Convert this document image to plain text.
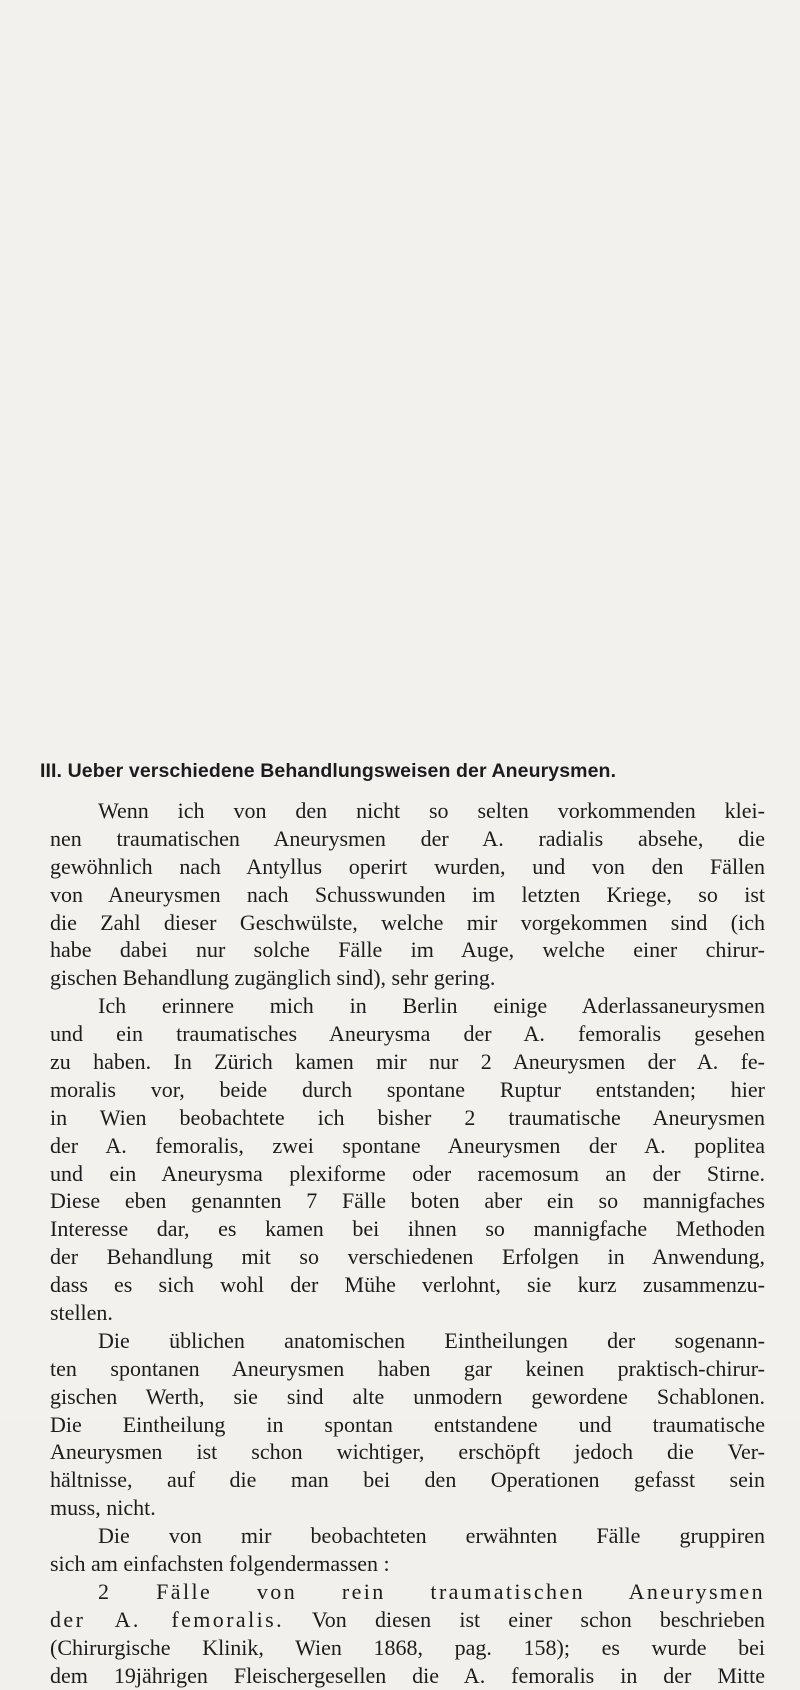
III. Ueber verschiedene Behandlungsweisen der Aneurysmen.
Wenn ich von den nicht so selten vorkommenden klei-
nen traumatischen Aneurysmen der A. radialis absehe, die
gewöhnlich nach Antyllus operirt wurden, und von den Fällen
von Aneurysmen nach Schusswunden im letzten Kriege, so ist
die Zahl dieser Geschwülste, welche mir vorgekommen sind (ich
habe dabei nur solche Fälle im Auge, welche einer chirur-
gischen Behandlung zugänglich sind), sehr gering.
Ich erinnere mich in Berlin einige Aderlassaneurysmen
und ein traumatisches Aneurysma der A. femoralis gesehen
zu haben. In Zürich kamen mir nur 2 Aneurysmen der A. fe-
moralis vor, beide durch spontane Ruptur entstanden; hier
in Wien beobachtete ich bisher 2 traumatische Aneurysmen
der A. femoralis, zwei spontane Aneurysmen der A. poplitea
und ein Aneurysma plexiforme oder racemosum an der Stirne.
Diese eben genannten 7 Fälle boten aber ein so mannigfaches
Interesse dar, es kamen bei ihnen so mannigfache Methoden
der Behandlung mit so verschiedenen Erfolgen in Anwendung,
dass es sich wohl der Mühe verlohnt, sie kurz zusammenzu-
stellen.
Die üblichen anatomischen Eintheilungen der sogenann-
ten spontanen Aneurysmen haben gar keinen praktisch-chirur-
gischen Werth, sie sind alte unmodern gewordene Schablonen.
Die Eintheilung in spontan entstandene und traumatische
Aneurysmen ist schon wichtiger, erschöpft jedoch die Ver-
hältnisse, auf die man bei den Operationen gefasst sein
muss, nicht.
Die von mir beobachteten erwähnten Fälle gruppiren
sich am einfachsten folgendermassen :
2 Fälle von rein traumatischen Aneurysmen
der A. femoralis. Von diesen ist einer schon beschrieben
(Chirurgische Klinik, Wien 1868, pag. 158); es wurde bei
dem 19jährigen Fleischergesellen die A. femoralis in der Mitte
